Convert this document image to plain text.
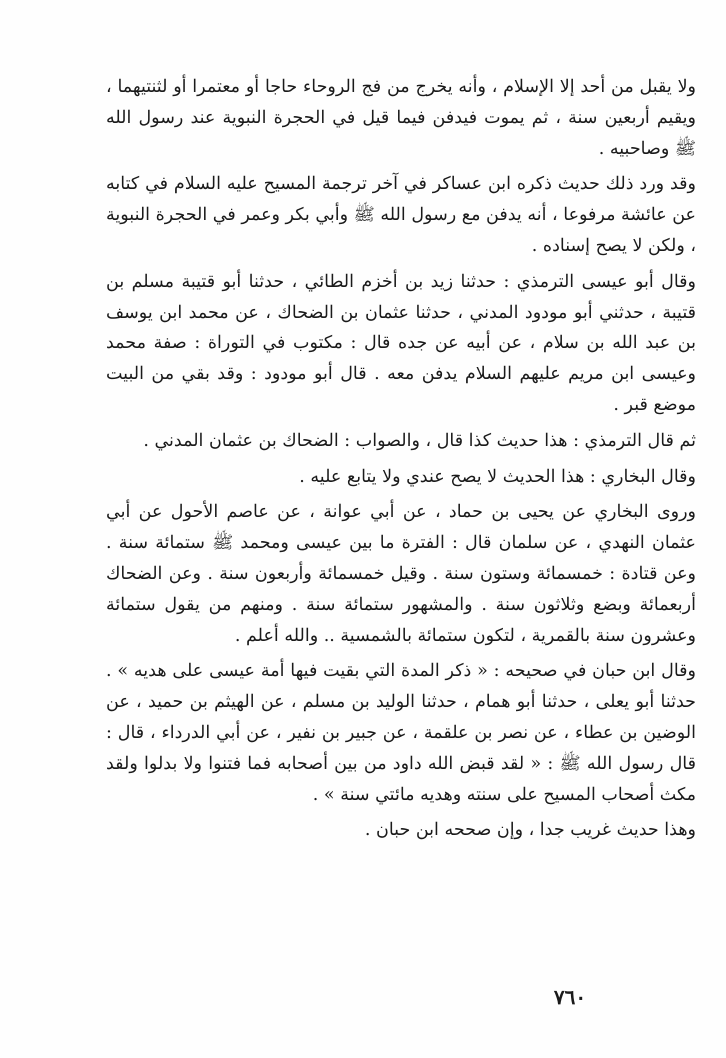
ولا يقبل من أحد إلا الإسلام ، وأنه يخرج من فج الروحاء حاجا أو معتمرا أو لثنتيهما ، ويقيم أربعين سنة ، ثم يموت فيدفن فيما قيل في الحجرة النبوية عند رسول الله ﷺ وصاحبيه .

وقد ورد ذلك حديث ذكره ابن عساكر في آخر ترجمة المسيح عليه السلام في كتابه عن عائشة مرفوعا ، أنه يدفن مع رسول الله ﷺ وأبي بكر وعمر في الحجرة النبوية ، ولكن لا يصح إسناده .

وقال أبو عيسى الترمذي : حدثنا زيد بن أخزم الطائي ، حدثنا أبو قتيبة مسلم بن قتيبة ، حدثني أبو مودود المدني ، حدثنا عثمان بن الضحاك ، عن محمد ابن يوسف بن عبد الله بن سلام ، عن أبيه عن جده قال : مكتوب في التوراة : صفة محمد وعيسى ابن مريم عليهم السلام يدفن معه . قال أبو مودود : وقد بقي من البيت موضع قبر .

ثم قال الترمذي : هذا حديث كذا قال ، والصواب : الضحاك بن عثمان المدني .

وقال البخاري : هذا الحديث لا يصح عندي ولا يتابع عليه .

وروى البخاري عن يحيى بن حماد ، عن أبي عوانة ، عن عاصم الأحول عن أبي عثمان النهدي ، عن سلمان قال : الفترة ما بين عيسى ومحمد ﷺ ستمائة سنة . وعن قتادة : خمسمائة وستون سنة . وقيل خمسمائة وأربعون سنة . وعن الضحاك أربعمائة وبضع وثلاثون سنة . والمشهور ستمائة سنة . ومنهم من يقول ستمائة وعشرون سنة بالقمرية ، لتكون ستمائة بالشمسية .. والله أعلم .

وقال ابن حبان في صحيحه : « ذكر المدة التي بقيت فيها أمة عيسى على هديه » . حدثنا أبو يعلى ، حدثنا أبو همام ، حدثنا الوليد بن مسلم ، عن الهيثم بن حميد ، عن الوضين بن عطاء ، عن نصر بن علقمة ، عن جبير بن نفير ، عن أبي الدرداء ، قال : قال رسول الله ﷺ : « لقد قبض الله داود من بين أصحابه فما فتنوا ولا بدلوا ولقد مكث أصحاب المسيح على سنته وهديه مائتي سنة » .

وهذا حديث غريب جدا ، وإن صححه ابن حبان .

٧٦٠
